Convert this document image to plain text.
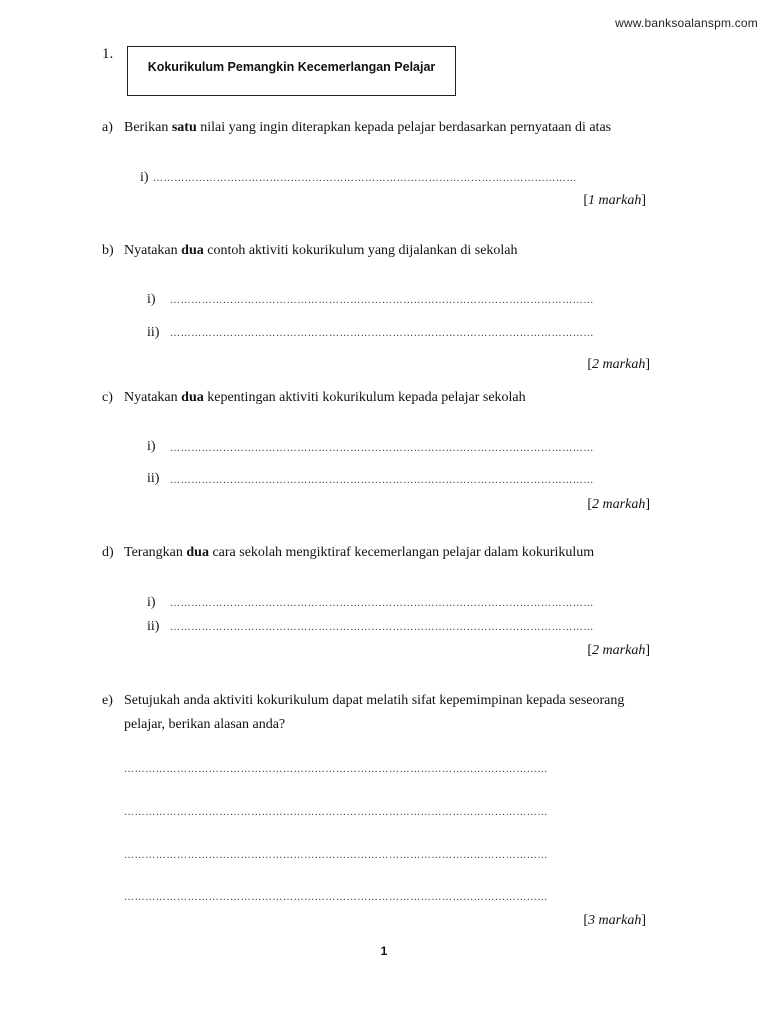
www.banksoalanspm.com
1.
Kokurikulum Pemangkin Kecemerlangan Pelajar
a) Berikan satu nilai yang ingin diterapkan kepada pelajar berdasarkan pernyataan di atas
i) …………………………………………………………………………………………………………
[1 markah]
b) Nyatakan dua contoh aktiviti kokurikulum yang dijalankan di sekolah
i) …………………………………………………………………………………………………………
ii) …………………………………………………………………………………………………………
[2 markah]
c) Nyatakan dua kepentingan aktiviti kokurikulum kepada pelajar sekolah
i) …………………………………………………………………………………………………………
ii) …………………………………………………………………………………………………………
[2 markah]
d) Terangkan dua cara sekolah mengiktiraf kecemerlangan pelajar dalam kokurikulum
i) …………………………………………………………………………………………………………
ii) …………………………………………………………………………………………………………
[2 markah]
e) Setujukah anda aktiviti kokurikulum dapat melatih sifat kepemimpinan kepada seseorang
pelajar, berikan alasan anda?
…………………………………………………………………………………………………………
…………………………………………………………………………………………………………
…………………………………………………………………………………………………………
…………………………………………………………………………………………………………
[3 markah]
1
